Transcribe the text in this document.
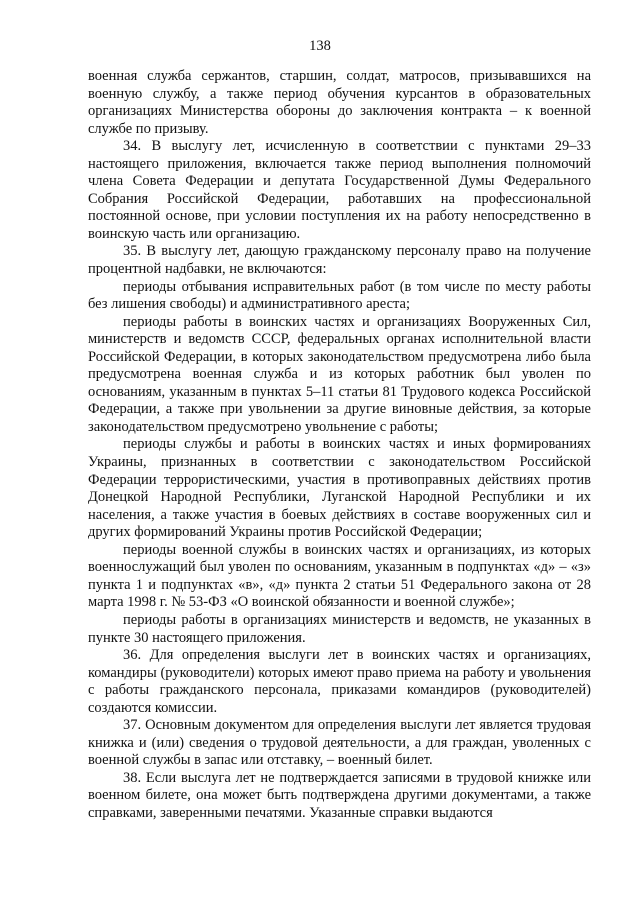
138

военная служба сержантов, старшин, солдат, матросов, призывавшихся на военную службу, а также период обучения курсантов в образовательных организациях Министерства обороны до заключения контракта – к военной службе по призыву.

34. В выслугу лет, исчисленную в соответствии с пунктами 29–33 настоящего приложения, включается также период выполнения полномочий члена Совета Федерации и депутата Государственной Думы Федерального Собрания Российской Федерации, работавших на профессиональной постоянной основе, при условии поступления их на работу непосредственно в воинскую часть или организацию.

35. В выслугу лет, дающую гражданскому персоналу право на получение процентной надбавки, не включаются:

периоды отбывания исправительных работ (в том числе по месту работы без лишения свободы) и административного ареста;

периоды работы в воинских частях и организациях Вооруженных Сил, министерств и ведомств СССР, федеральных органах исполнительной власти Российской Федерации, в которых законодательством предусмотрена либо была предусмотрена военная служба и из которых работник был уволен по основаниям, указанным в пунктах 5–11 статьи 81 Трудового кодекса Российской Федерации, а также при увольнении за другие виновные действия, за которые законодательством предусмотрено увольнение с работы;

периоды службы и работы в воинских частях и иных формированиях Украины, признанных в соответствии с законодательством Российской Федерации террористическими, участия в противоправных действиях против Донецкой Народной Республики, Луганской Народной Республики и их населения, а также участия в боевых действиях в составе вооруженных сил и других формирований Украины против Российской Федерации;

периоды военной службы в воинских частях и организациях, из которых военнослужащий был уволен по основаниям, указанным в подпунктах «д» – «з» пункта 1 и подпунктах «в», «д» пункта 2 статьи 51 Федерального закона от 28 марта 1998 г. № 53-ФЗ «О воинской обязанности и военной службе»;

периоды работы в организациях министерств и ведомств, не указанных в пункте 30 настоящего приложения.

36. Для определения выслуги лет в воинских частях и организациях, командиры (руководители) которых имеют право приема на работу и увольнения с работы гражданского персонала, приказами командиров (руководителей) создаются комиссии.

37. Основным документом для определения выслуги лет является трудовая книжка и (или) сведения о трудовой деятельности, а для граждан, уволенных с военной службы в запас или отставку, – военный билет.

38. Если выслуга лет не подтверждается записями в трудовой книжке или военном билете, она может быть подтверждена другими документами, а также справками, заверенными печатями. Указанные справки выдаются
